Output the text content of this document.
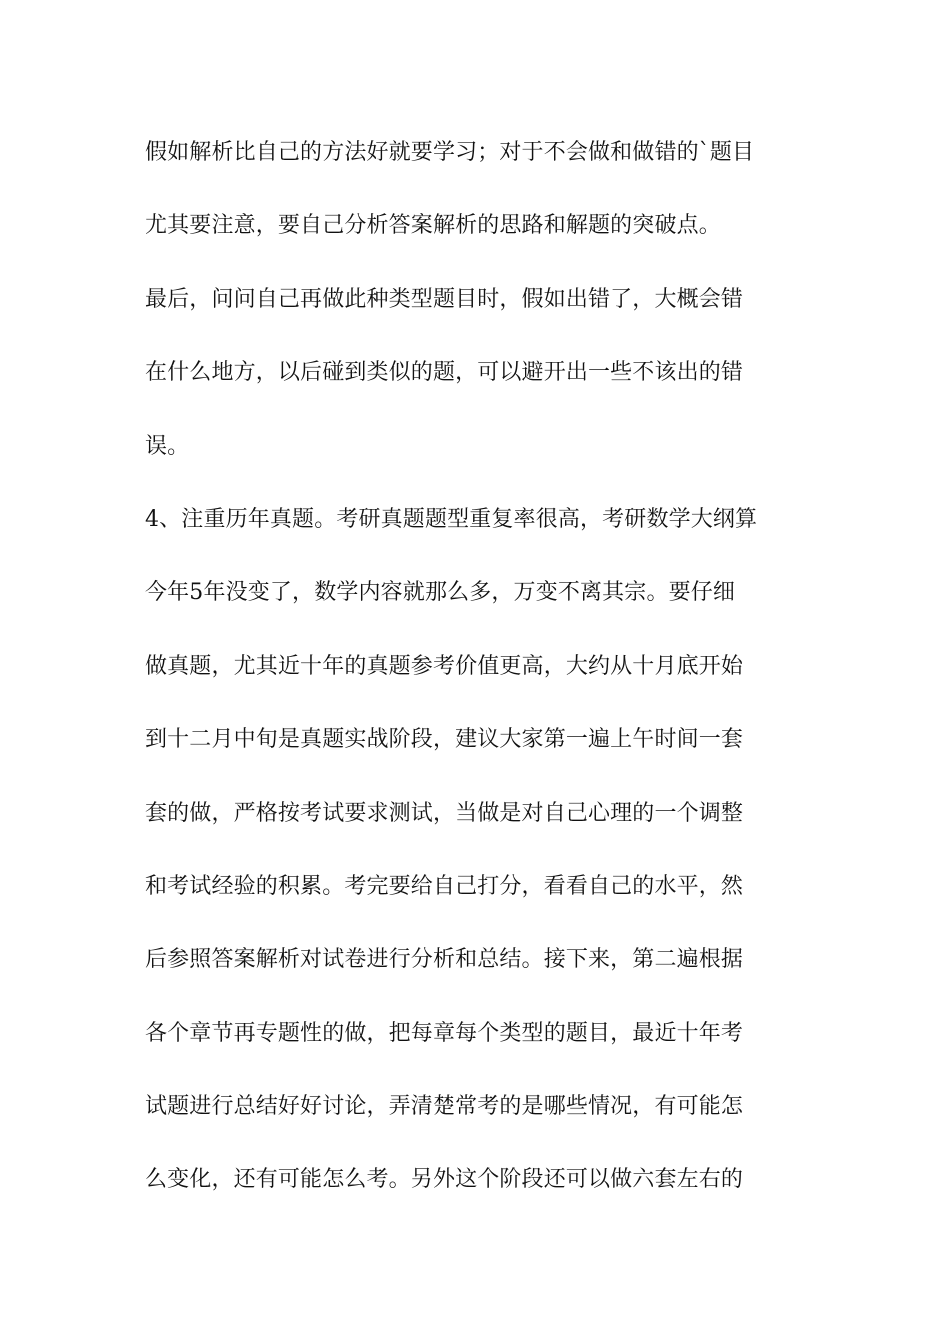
假如解析比自己的方法好就要学习；对于不会做和做错的`题目
尤其要注意，要自己分析答案解析的思路和解题的突破点。
最后，问问自己再做此种类型题目时，假如出错了，大概会错
在什么地方，以后碰到类似的题，可以避开出一些不该出的错
误。
4、注重历年真题。考研真题题型重复率很高，考研数学大纲算
今年5年没变了，数学内容就那么多，万变不离其宗。要仔细
做真题，尤其近十年的真题参考价值更高，大约从十月底开始
到十二月中旬是真题实战阶段，建议大家第一遍上午时间一套
套的做，严格按考试要求测试，当做是对自己心理的一个调整
和考试经验的积累。考完要给自己打分，看看自己的水平，然
后参照答案解析对试卷进行分析和总结。接下来，第二遍根据
各个章节再专题性的做，把每章每个类型的题目，最近十年考
试题进行总结好好讨论，弄清楚常考的是哪些情况，有可能怎
么变化，还有可能怎么考。另外这个阶段还可以做六套左右的
